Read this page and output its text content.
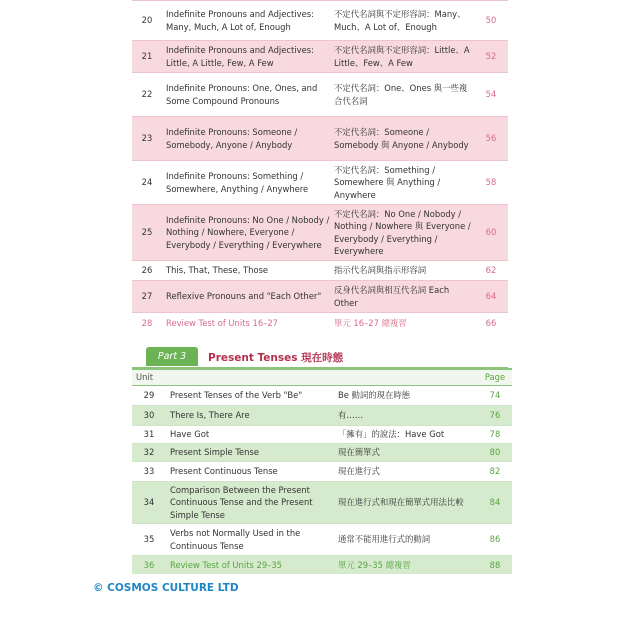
20	Indefinite Pronouns and Adjectives: Many, Much, A Lot of, Enough	不定代名詞與不定形容詞：Many、Much、A Lot of、Enough	50
21	Indefinite Pronouns and Adjectives: Little, A Little, Few, A Few	不定代名詞與不定形容詞：Little、A Little、Few、A Few	52
22	Indefinite Pronouns: One, Ones, and Some Compound Pronouns	不定代名詞：One、Ones 與一些複合代名詞	54
23	Indefinite Pronouns: Someone / Somebody, Anyone / Anybody	不定代名詞：Someone / Somebody 與 Anyone / Anybody	56
24	Indefinite Pronouns: Something / Somewhere, Anything / Anywhere	不定代名詞：Something / Somewhere 與 Anything / Anywhere	58
25	Indefinite Pronouns: No One / Nobody / Nothing / Nowhere, Everyone / Everybody / Everything / Everywhere	不定代名詞：No One / Nobody / Nothing / Nowhere 與 Everyone / Everybody / Everything / Everywhere	60
26	This, That, These, Those	指示代名詞與指示形容詞	62
27	Reflexive Pronouns and "Each Other"	反身代名詞與相互代名詞 Each Other	64
28	Review Test of Units 16–27	單元 16–27 總複習	66
Part 3	Present Tenses 現在時態
Unit			Page
29	Present Tenses of the Verb "Be"	Be 動詞的現在時態	74
30	There Is, There Are	有……	76
31	Have Got	「擁有」的說法：Have Got	78
32	Present Simple Tense	現在簡單式	80
33	Present Continuous Tense	現在進行式	82
34	Comparison Between the Present Continuous Tense and the Present Simple Tense	現在進行式和現在簡單式用法比較	84
35	Verbs not Normally Used in the Continuous Tense	通常不能用進行式的動詞	86
36	Review Test of Units 29–35	單元 29–35 總複習	88
© COSMOS CULTURE LTD
